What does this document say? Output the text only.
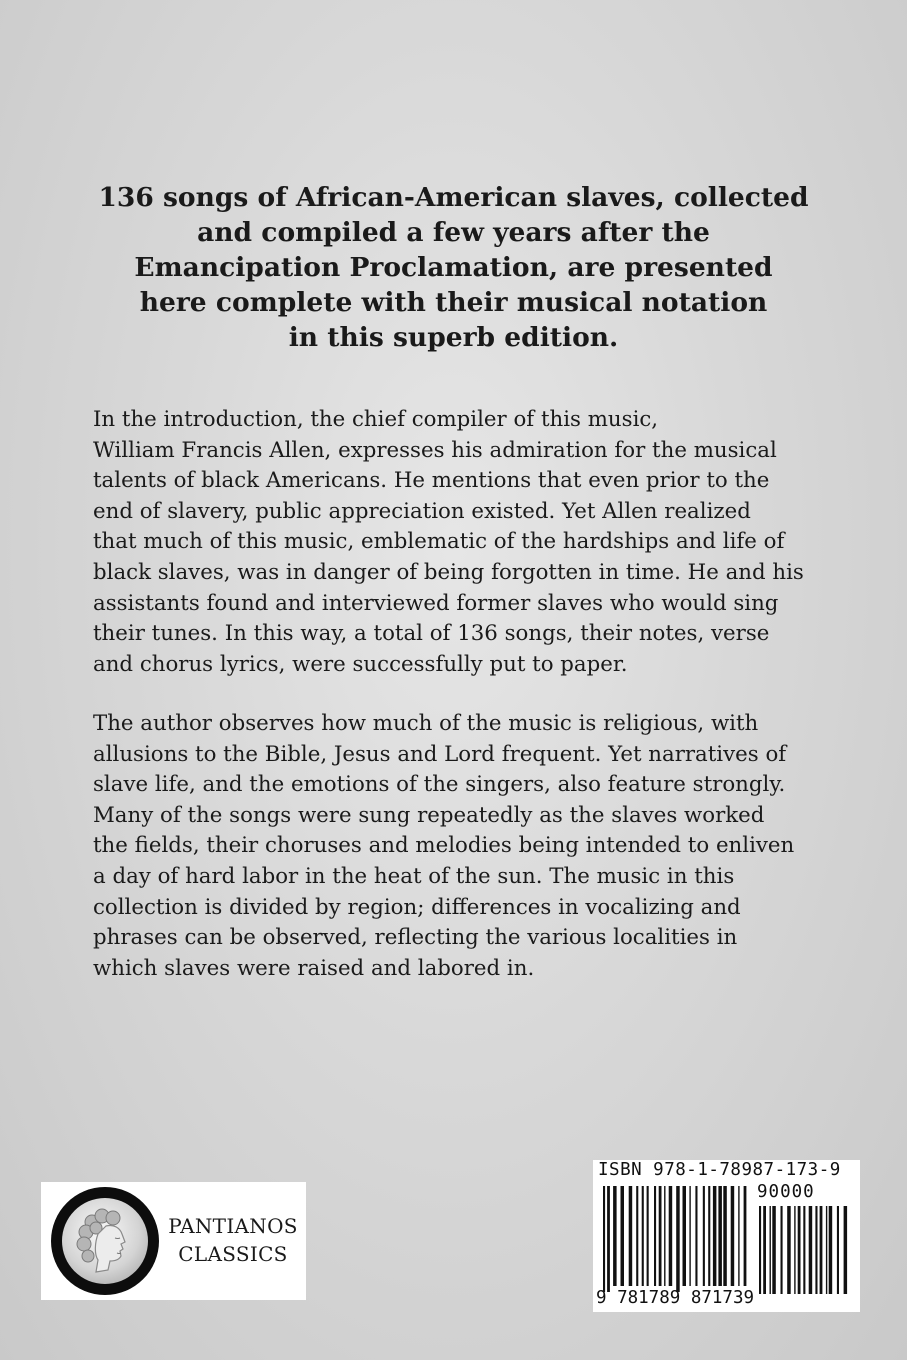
136 songs of African-American slaves, collected
and compiled a few years after the
Emancipation Proclamation, are presented
here complete with their musical notation
in this superb edition.
In the introduction, the chief compiler of this music,
William Francis Allen, expresses his admiration for the musical
talents of black Americans. He mentions that even prior to the
end of slavery, public appreciation existed. Yet Allen realized
that much of this music, emblematic of the hardships and life of
black slaves, was in danger of being forgotten in time. He and his
assistants found and interviewed former slaves who would sing
their tunes. In this way, a total of 136 songs, their notes, verse
and chorus lyrics, were successfully put to paper.
The author observes how much of the music is religious, with
allusions to the Bible, Jesus and Lord frequent. Yet narratives of
slave life, and the emotions of the singers, also feature strongly.
Many of the songs were sung repeatedly as the slaves worked
the fields, their choruses and melodies being intended to enliven
a day of hard labor in the heat of the sun. The music in this
collection is divided by region; differences in vocalizing and
phrases can be observed, reflecting the various localities in
which slaves were raised and labored in.
PANTIANOS
CLASSICS
ISBN 978-1-78987-173-9
90000
9 781789 871739
